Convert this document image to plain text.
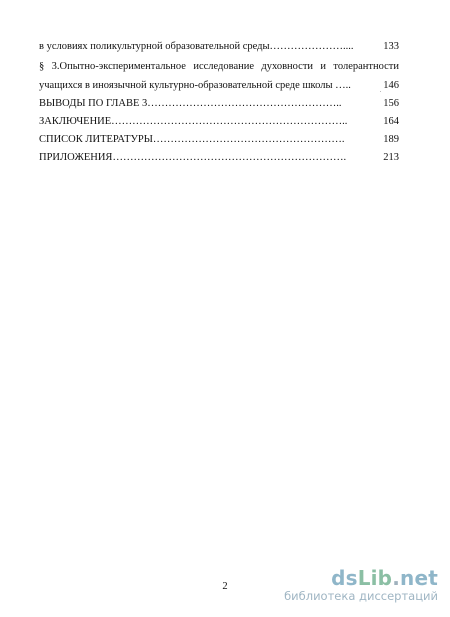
в условиях поликультурной образовательной среды…………………....	133
§ 3.Опытно-экспериментальное исследование духовности и толерантности
учащихся в иноязычной культурно-образовательной среде школы …..	146
ВЫВОДЫ ПО ГЛАВЕ 3………………………………………………..	156
ЗАКЛЮЧЕНИЕ…………………………………………………………..	164
СПИСОК ЛИТЕРАТУРЫ……………………………………………….	189
ПРИЛОЖЕНИЯ………………………………………………………….	213
2	dsLib.net
библиотека диссертаций
